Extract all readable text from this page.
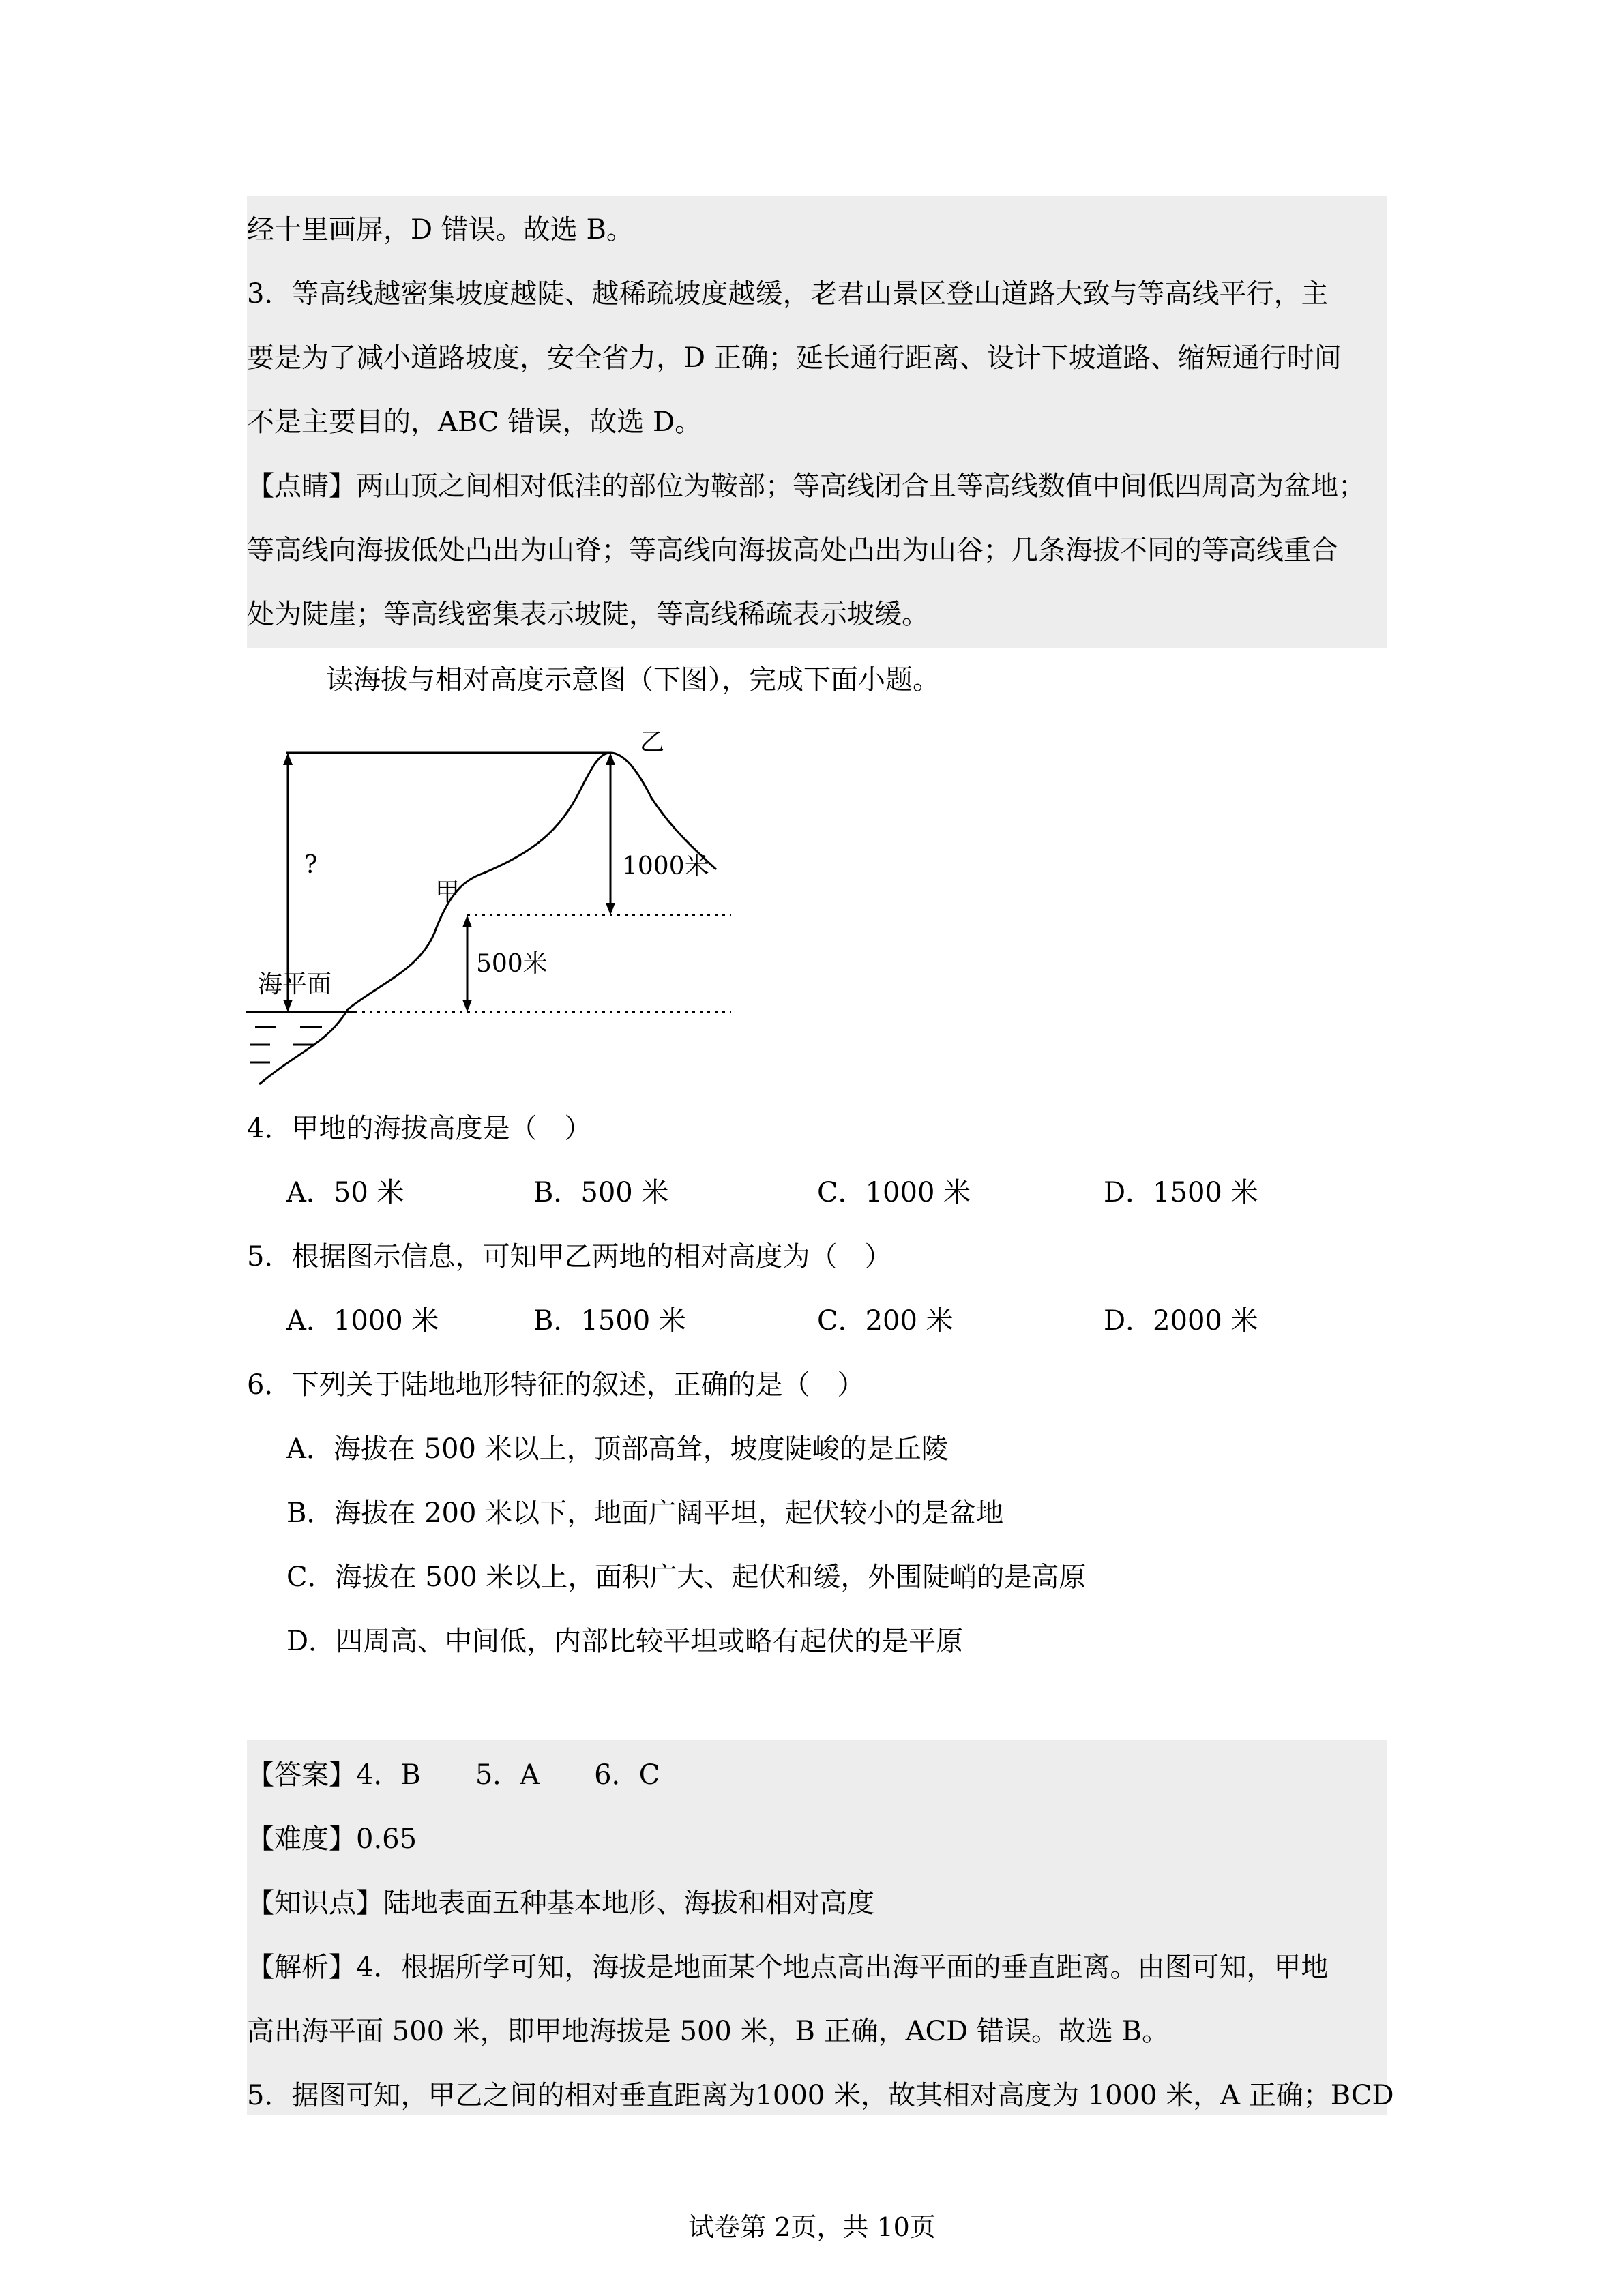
经十里画屏，D 错误。故选 B。
3．等高线越密集坡度越陡、越稀疏坡度越缓，老君山景区登山道路大致与等高线平行，主
要是为了减小道路坡度，安全省力，D 正确；延长通行距离、设计下坡道路、缩短通行时间
不是主要目的，ABC 错误，故选 D。
【点睛】两山顶之间相对低洼的部位为鞍部；等高线闭合且等高线数值中间低四周高为盆地；
等高线向海拔低处凸出为山脊；等高线向海拔高处凸出为山谷；几条海拔不同的等高线重合
处为陡崖；等高线密集表示坡陡，等高线稀疏表示坡缓。
读海拔与相对高度示意图（下图），完成下面小题。
?
乙
1000米
甲
500米
海平面
4．甲地的海拔高度是（　）
A．50 米	B．500 米	C．1000 米	D．1500 米
5．根据图示信息，可知甲乙两地的相对高度为（　）
A．1000 米	B．1500 米	C．200 米	D．2000 米
6．下列关于陆地地形特征的叙述，正确的是（　）
A．海拔在 500 米以上，顶部高耸，坡度陡峻的是丘陵
B．海拔在 200 米以下，地面广阔平坦，起伏较小的是盆地
C．海拔在 500 米以上，面积广大、起伏和缓，外围陡峭的是高原
D．四周高、中间低，内部比较平坦或略有起伏的是平原
【答案】4．B　　5．A　　6．C
【难度】0.65
【知识点】陆地表面五种基本地形、海拔和相对高度
【解析】4．根据所学可知，海拔是地面某个地点高出海平面的垂直距离。由图可知，甲地
高出海平面 500 米，即甲地海拔是 500 米，B 正确，ACD 错误。故选 B。
5．据图可知，甲乙之间的相对垂直距离为1000 米，故其相对高度为 1000 米，A 正确；BCD
试卷第 2页，共 10页
